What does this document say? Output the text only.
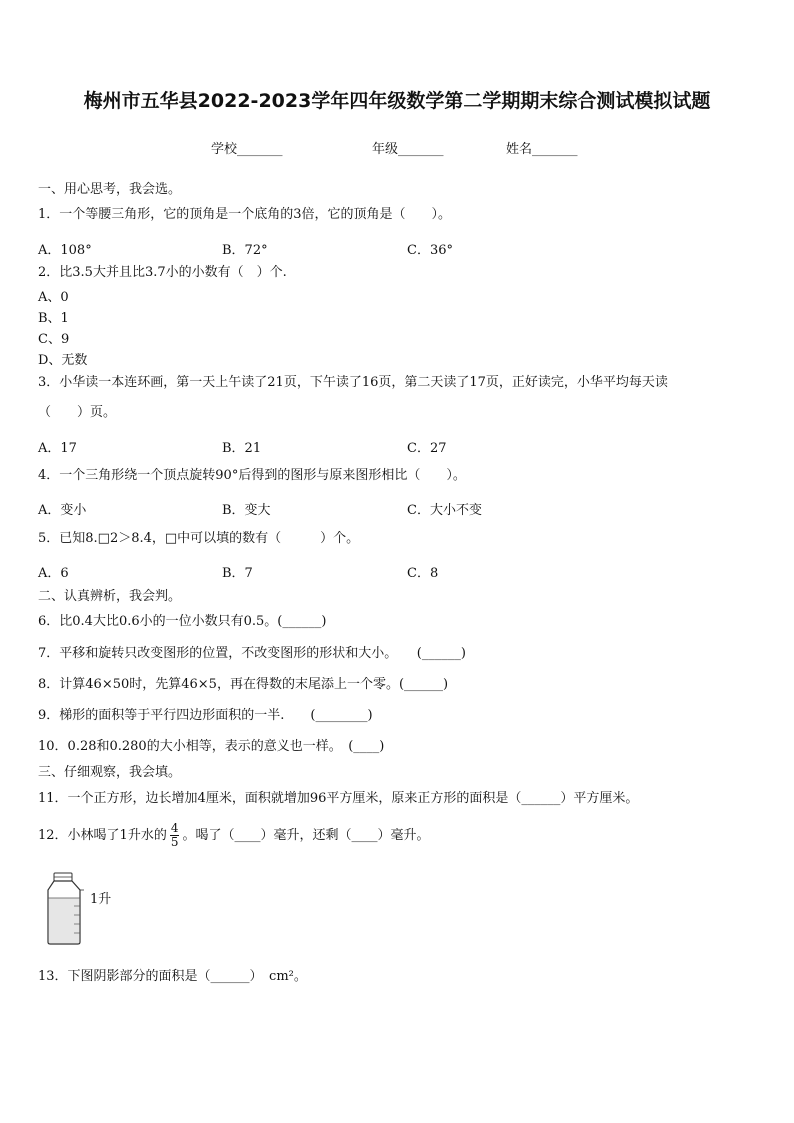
梅州市五华县2022-2023学年四年级数学第二学期期末综合测试模拟试题
学校_______	年级_______	姓名_______
一、用心思考，我会选。
1．一个等腰三角形，它的顶角是一个底角的3倍，它的顶角是（　　）。
A．108°	B．72°	C．36°
2．比3.5大并且比3.7小的小数有（　）个.
A、0
B、1
C、9
D、无数
3．小华读一本连环画，第一天上午读了21页，下午读了16页，第二天读了17页，正好读完，小华平均每天读
（　　）页。
A．17	B．21	C．27
4．一个三角形绕一个顶点旋转90°后得到的图形与原来图形相比（　　）。
A．变小	B．变大	C．大小不变
5．已知8.□2＞8.4，□中可以填的数有（　　　）个。
A．6	B．7	C．8
二、认真辨析，我会判。
6．比0.4大比0.6小的一位小数只有0.5。(______)
7．平移和旋转只改变图形的位置，不改变图形的形状和大小。　　(______)
8．计算46×50时，先算46×5，再在得数的末尾添上一个零。(______)
9．梯形的面积等于平行四边形面积的一半.　　(________)
10．0.28和0.280的大小相等，表示的意义也一样。　(____)
三、仔细观察，我会填。
11．一个正方形，边长增加4厘米，面积就增加96平方厘米，原来正方形的面积是（______）平方厘米。
12．小林喝了1升水的 $\frac{4}{5}$ 。喝了（____）毫升，还剩（____）毫升。
1升
13．下图阴影部分的面积是（______）　cm²。
